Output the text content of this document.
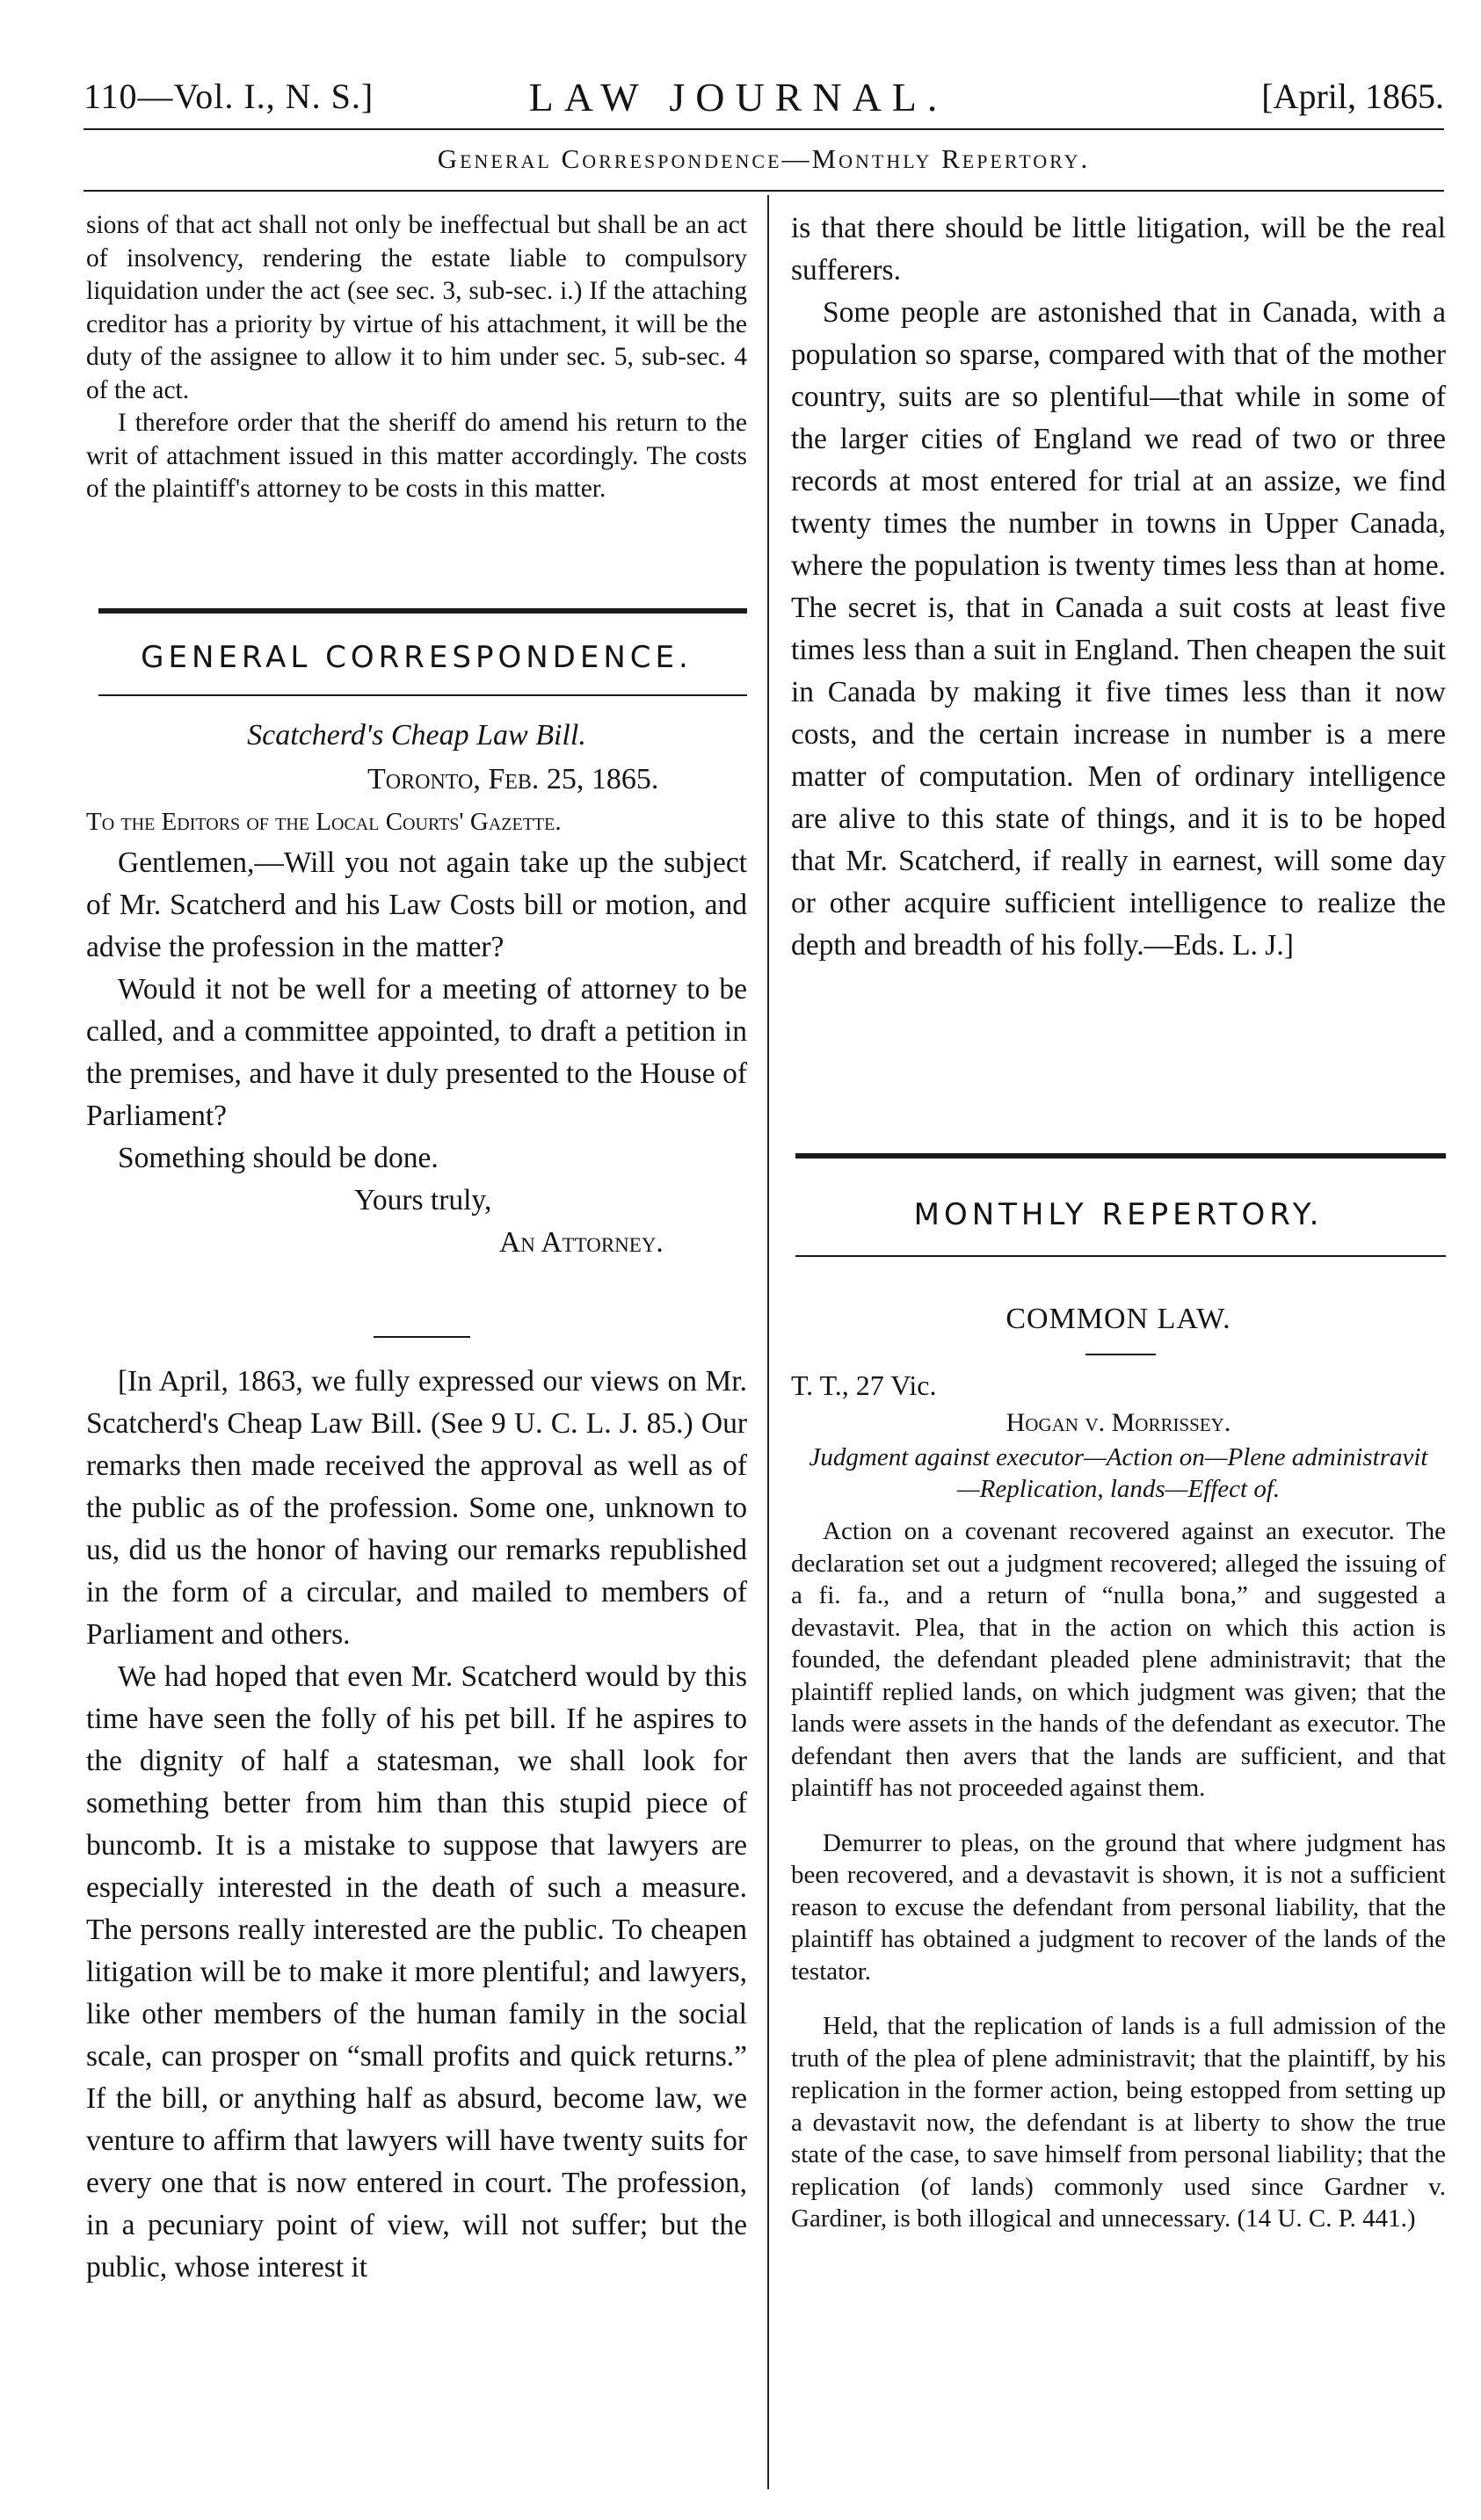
110—Vol. I., N. S.]	LAW JOURNAL.	[April, 1865.
General Correspondence—Monthly Repertory.

sions of that act shall not only be ineffectual but shall be an act of insolvency, rendering the estate liable to compulsory liquidation under the act (see sec. 3, sub-sec. i.) If the attaching creditor has a priority by virtue of his attachment, it will be the duty of the assignee to allow it to him under sec. 5, sub-sec. 4 of the act.

I therefore order that the sheriff do amend his return to the writ of attachment issued in this matter accordingly. The costs of the plaintiff's attorney to be costs in this matter.

GENERAL CORRESPONDENCE.

Scatcherd's Cheap Law Bill.

Toronto, Feb. 25, 1865.

To the Editors of the Local Courts' Gazette.

Gentlemen,—Will you not again take up the subject of Mr. Scatcherd and his Law Costs bill or motion, and advise the profession in the matter?

Would it not be well for a meeting of attorney to be called, and a committee appointed, to draft a petition in the premises, and have it duly presented to the House of Parliament?

Something should be done.

Yours truly,

An Attorney.

[In April, 1863, we fully expressed our views on Mr. Scatcherd's Cheap Law Bill. (See 9 U. C. L. J. 85.) Our remarks then made received the approval as well as of the public as of the profession. Some one, unknown to us, did us the honor of having our remarks republished in the form of a circular, and mailed to members of Parliament and others.

We had hoped that even Mr. Scatcherd would by this time have seen the folly of his pet bill. If he aspires to the dignity of half a statesman, we shall look for something better from him than this stupid piece of buncomb. It is a mistake to suppose that lawyers are especially interested in the death of such a measure. The persons really interested are the public. To cheapen litigation will be to make it more plentiful; and lawyers, like other members of the human family in the social scale, can prosper on “small profits and quick returns.” If the bill, or anything half as absurd, become law, we venture to affirm that lawyers will have twenty suits for every one that is now entered in court. The profession, in a pecuniary point of view, will not suffer; but the public, whose interest it

is that there should be little litigation, will be the real sufferers.

Some people are astonished that in Canada, with a population so sparse, compared with that of the mother country, suits are so plentiful—that while in some of the larger cities of England we read of two or three records at most entered for trial at an assize, we find twenty times the number in towns in Upper Canada, where the population is twenty times less than at home. The secret is, that in Canada a suit costs at least five times less than a suit in England. Then cheapen the suit in Canada by making it five times less than it now costs, and the certain increase in number is a mere matter of computation. Men of ordinary intelligence are alive to this state of things, and it is to be hoped that Mr. Scatcherd, if really in earnest, will some day or other acquire sufficient intelligence to realize the depth and breadth of his folly.—Eds. L. J.]

MONTHLY REPERTORY.

COMMON LAW.

T. T., 27 Vic.

Hogan v. Morrissey.

Judgment against executor—Action on—Plene administravit—Replication, lands—Effect of.

Action on a covenant recovered against an executor. The declaration set out a judgment recovered; alleged the issuing of a fi. fa., and a return of “nulla bona,” and suggested a devastavit. Plea, that in the action on which this action is founded, the defendant pleaded plene administravit; that the plaintiff replied lands, on which judgment was given; that the lands were assets in the hands of the defendant as executor. The defendant then avers that the lands are sufficient, and that plaintiff has not proceeded against them.

Demurrer to pleas, on the ground that where judgment has been recovered, and a devastavit is shown, it is not a sufficient reason to excuse the defendant from personal liability, that the plaintiff has obtained a judgment to recover of the lands of the testator.

Held, that the replication of lands is a full admission of the truth of the plea of plene administravit; that the plaintiff, by his replication in the former action, being estopped from setting up a devastavit now, the defendant is at liberty to show the true state of the case, to save himself from personal liability; that the replication (of lands) commonly used since Gardner v. Gardiner, is both illogical and unnecessary. (14 U. C. P. 441.)
